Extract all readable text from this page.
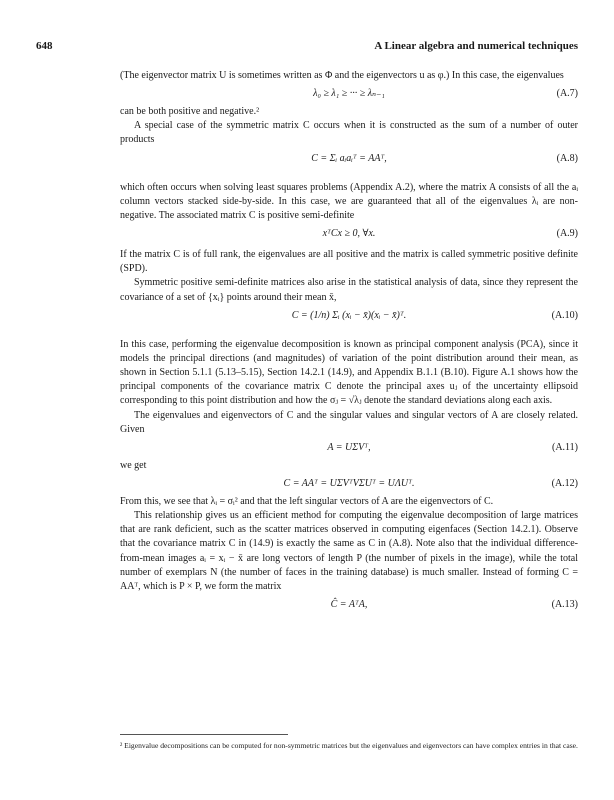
648	A Linear algebra and numerical techniques

(The eigenvector matrix U is sometimes written as Φ and the eigenvectors u as φ.) In this case, the eigenvalues

λ₀ ≥ λ₁ ≥ ··· ≥ λₙ₋₁	(A.7)

can be both positive and negative.²

A special case of the symmetric matrix C occurs when it is constructed as the sum of a number of outer products

C = Σᵢ aᵢaᵢᵀ = AAᵀ,	(A.8)

which often occurs when solving least squares problems (Appendix A.2), where the matrix A consists of all the aᵢ column vectors stacked side-by-side. In this case, we are guaranteed that all of the eigenvalues λᵢ are non-negative. The associated matrix C is positive semi-definite

xᵀCx ≥ 0, ∀x.	(A.9)

If the matrix C is of full rank, the eigenvalues are all positive and the matrix is called symmetric positive definite (SPD).

Symmetric positive semi-definite matrices also arise in the statistical analysis of data, since they represent the covariance of a set of {xᵢ} points around their mean x̄,

C = (1/n) Σᵢ (xᵢ − x̄)(xᵢ − x̄)ᵀ.	(A.10)

In this case, performing the eigenvalue decomposition is known as principal component analysis (PCA), since it models the principal directions (and magnitudes) of variation of the point distribution around their mean, as shown in Section 5.1.1 (5.13–5.15), Section 14.2.1 (14.9), and Appendix B.1.1 (B.10). Figure A.1 shows how the principal components of the covariance matrix C denote the principal axes uⱼ of the uncertainty ellipsoid corresponding to this point distribution and how the σⱼ = √λⱼ denote the standard deviations along each axis.

The eigenvalues and eigenvectors of C and the singular values and singular vectors of A are closely related. Given

A = UΣVᵀ,	(A.11)

we get

C = AAᵀ = UΣVᵀVΣUᵀ = UΛUᵀ.	(A.12)

From this, we see that λᵢ = σᵢ² and that the left singular vectors of A are the eigenvectors of C.

This relationship gives us an efficient method for computing the eigenvalue decomposition of large matrices that are rank deficient, such as the scatter matrices observed in computing eigenfaces (Section 14.2.1). Observe that the covariance matrix C in (14.9) is exactly the same as C in (A.8). Note also that the individual difference-from-mean images aᵢ = xᵢ − x̄ are long vectors of length P (the number of pixels in the image), while the total number of exemplars N (the number of faces in the training database) is much smaller. Instead of forming C = AAᵀ, which is P × P, we form the matrix

Ĉ = AᵀA,	(A.13)
² Eigenvalue decompositions can be computed for non-symmetric matrices but the eigenvalues and eigenvectors can have complex entries in that case.
